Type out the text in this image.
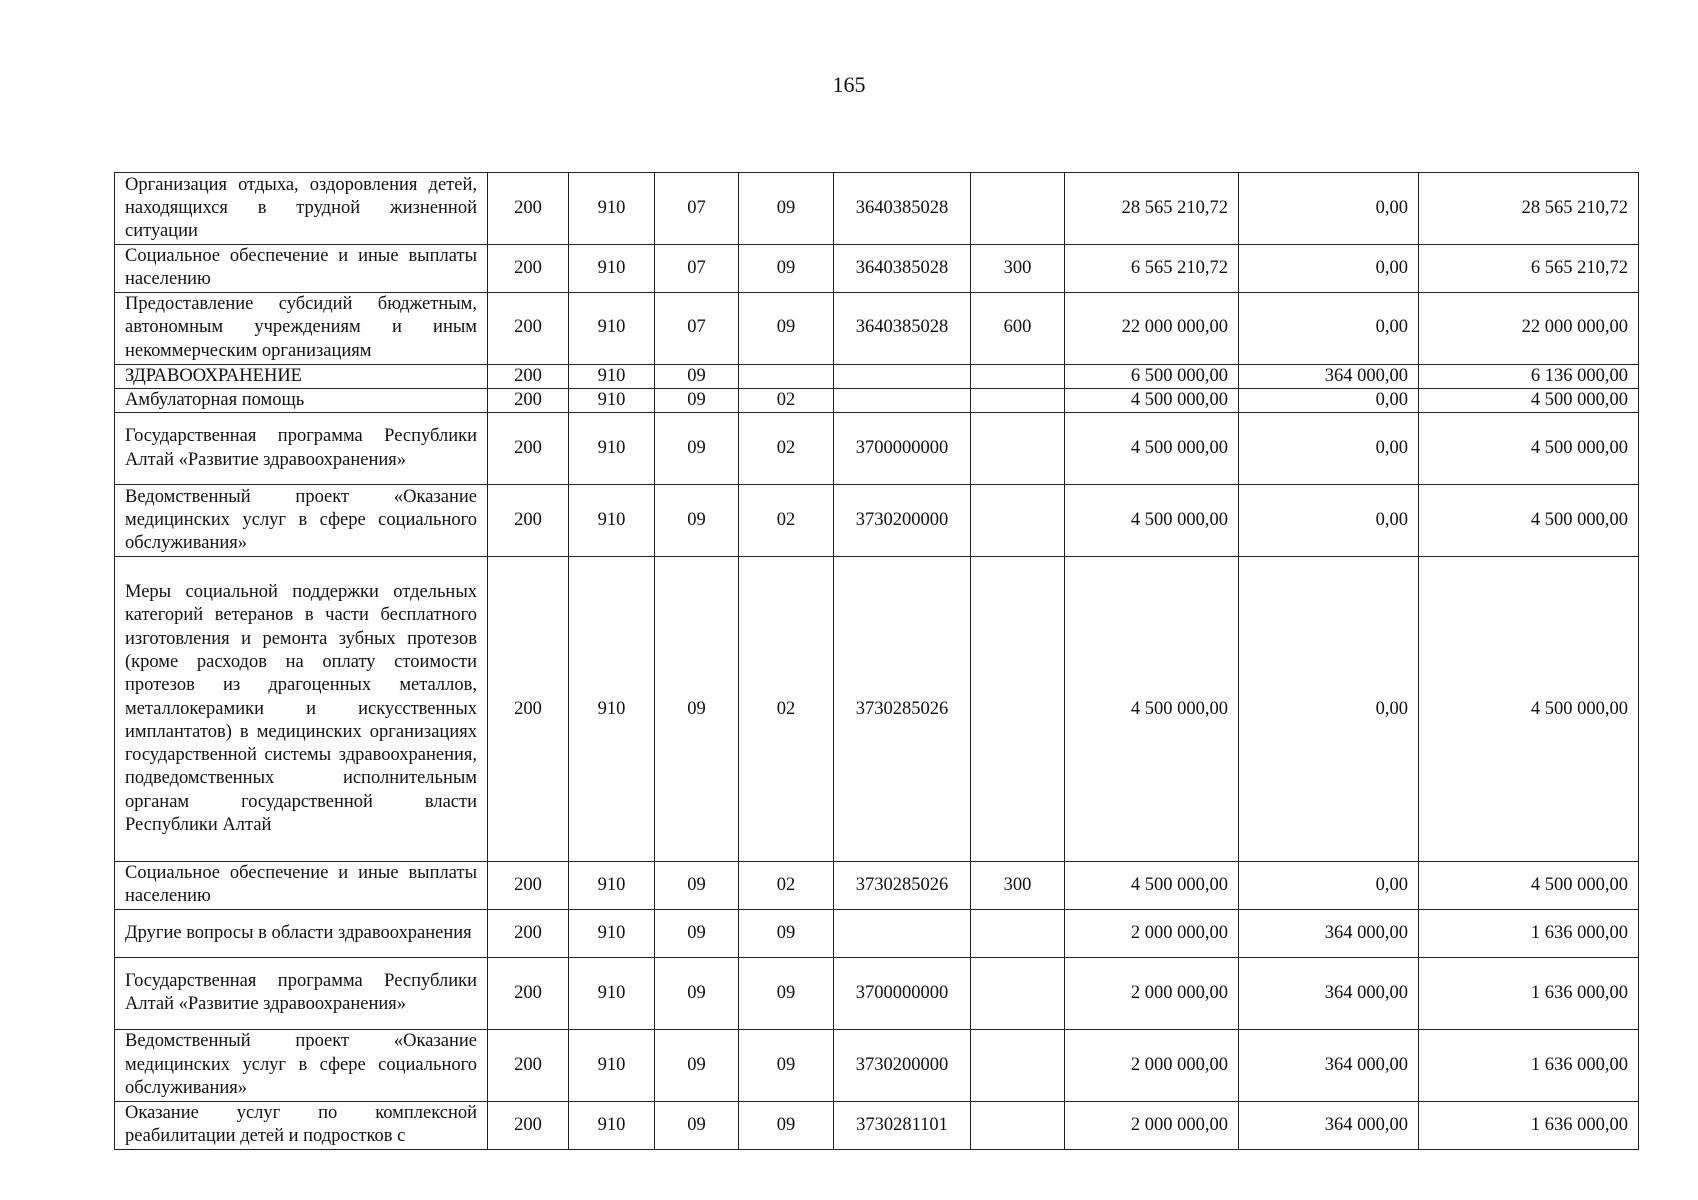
165
Организация отдыха, оздоровления детей, находящихся в трудной жизненной ситуации	200	910	07	09	3640385028		28 565 210,72	0,00	28 565 210,72
Социальное обеспечение и иные выплаты населению	200	910	07	09	3640385028	300	6 565 210,72	0,00	6 565 210,72
Предоставление субсидий бюджетным, автономным учреждениям и иным некоммерческим организациям	200	910	07	09	3640385028	600	22 000 000,00	0,00	22 000 000,00
ЗДРАВООХРАНЕНИЕ	200	910	09				6 500 000,00	364 000,00	6 136 000,00
Амбулаторная помощь	200	910	09	02			4 500 000,00	0,00	4 500 000,00
Государственная программа Республики Алтай «Развитие здравоохранения»	200	910	09	02	3700000000		4 500 000,00	0,00	4 500 000,00
Ведомственный проект «Оказание медицинских услуг в сфере социального обслуживания»	200	910	09	02	3730200000		4 500 000,00	0,00	4 500 000,00
Меры социальной поддержки отдельных категорий ветеранов в части бесплатного изготовления и ремонта зубных протезов (кроме расходов на оплату стоимости протезов из драгоценных металлов, металлокерамики и искусственных имплантатов) в медицинских организациях государственной системы здравоохранения, подведомственных исполнительным органам государственной власти Республики Алтай	200	910	09	02	3730285026		4 500 000,00	0,00	4 500 000,00
Социальное обеспечение и иные выплаты населению	200	910	09	02	3730285026	300	4 500 000,00	0,00	4 500 000,00
Другие вопросы в области здравоохранения	200	910	09	09			2 000 000,00	364 000,00	1 636 000,00
Государственная программа Республики Алтай «Развитие здравоохранения»	200	910	09	09	3700000000		2 000 000,00	364 000,00	1 636 000,00
Ведомственный проект «Оказание медицинских услуг в сфере социального обслуживания»	200	910	09	09	3730200000		2 000 000,00	364 000,00	1 636 000,00
Оказание услуг по комплексной реабилитации детей и подростков с	200	910	09	09	3730281101		2 000 000,00	364 000,00	1 636 000,00
